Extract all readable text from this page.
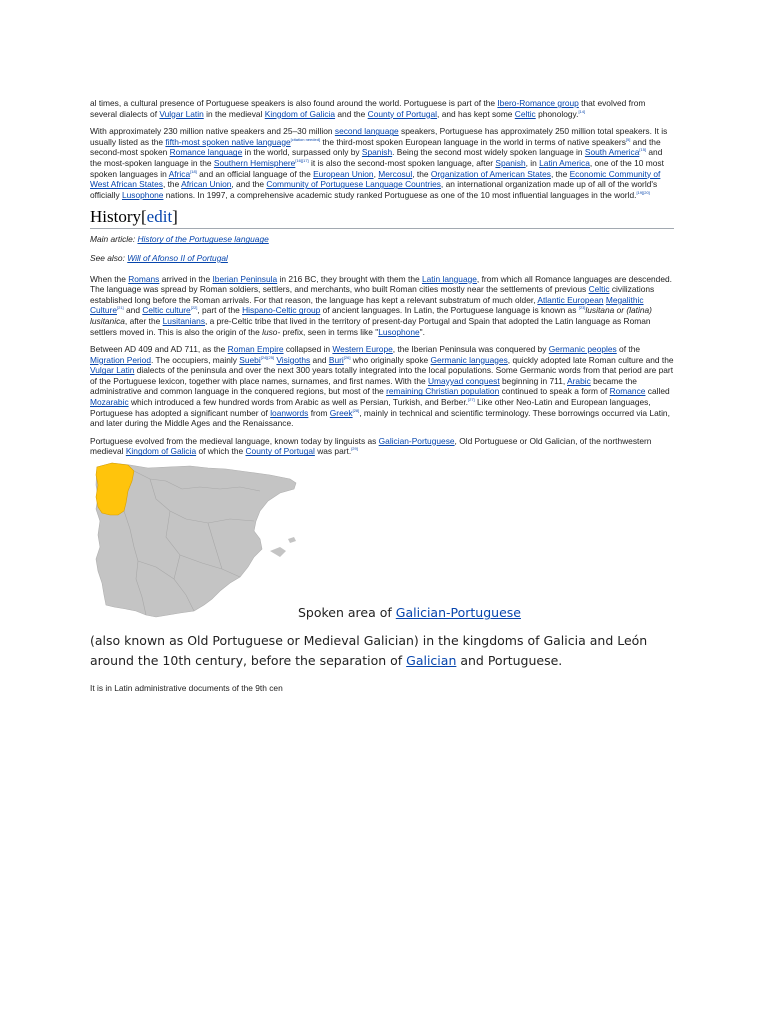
al times, a cultural presence of Portuguese speakers is also found around the world. Portuguese is part of the Ibero-Romance group that evolved from several dialects of Vulgar Latin in the medieval Kingdom of Galicia and the County of Portugal, and has kept some Celtic phonology.[14]

With approximately 230 million native speakers and 25–30 million second language speakers, Portuguese has approximately 250 million total speakers. It is usually listed as the fifth-most spoken native language[citation needed] the third-most spoken European language in the world in terms of native speakers[5] and the second-most spoken Romance language in the world, surpassed only by Spanish. Being the second most widely spoken language in South America[15] and the most-spoken language in the Southern Hemisphere[16][17] it is also the second-most spoken language, after Spanish, in Latin America, one of the 10 most spoken languages in Africa[18] and an official language of the European Union, Mercosul, the Organization of American States, the Economic Community of West African States, the African Union, and the Community of Portuguese Language Countries, an international organization made up of all of the world's officially Lusophone nations. In 1997, a comprehensive academic study ranked Portuguese as one of the 10 most influential languages in the world.[19][20]

History[edit]
Main article: History of the Portuguese language
See also: Will of Afonso II of Portugal

When the Romans arrived in the Iberian Peninsula in 216 BC, they brought with them the Latin language, from which all Romance languages are descended. The language was spread by Roman soldiers, settlers, and merchants, who built Roman cities mostly near the settlements of previous Celtic civilizations established long before the Roman arrivals. For that reason, the language has kept a relevant substratum of much older, Atlantic European Megalithic Culture[21] and Celtic culture[22], part of the Hispano-Celtic group of ancient languages. In Latin, the Portuguese language is known as [23]lusitana or (latina) lusitanica, after the Lusitanians, a pre-Celtic tribe that lived in the territory of present-day Portugal and Spain that adopted the Latin language as Roman settlers moved in. This is also the origin of the luso- prefix, seen in terms like "Lusophone".

Between AD 409 and AD 711, as the Roman Empire collapsed in Western Europe, the Iberian Peninsula was conquered by Germanic peoples of the Migration Period. The occupiers, mainly Suebi[24][25] Visigoths and Buri[26] who originally spoke Germanic languages, quickly adopted late Roman culture and the Vulgar Latin dialects of the peninsula and over the next 300 years totally integrated into the local populations. Some Germanic words from that period are part of the Portuguese lexicon, together with place names, surnames, and first names. With the Umayyad conquest beginning in 711, Arabic became the administrative and common language in the conquered regions, but most of the remaining Christian population continued to speak a form of Romance called Mozarabic which introduced a few hundred words from Arabic as well as Persian, Turkish, and Berber.[27] Like other Neo-Latin and European languages, Portuguese has adopted a significant number of loanwords from Greek[28], mainly in technical and scientific terminology. These borrowings occurred via Latin, and later during the Middle Ages and the Renaissance.

Portuguese evolved from the medieval language, known today by linguists as Galician-Portuguese, Old Portuguese or Old Galician, of the northwestern medieval Kingdom of Galicia of which the County of Portugal was part.[29]

Spoken area of Galician-Portuguese
(also known as Old Portuguese or Medieval Galician) in the kingdoms of Galicia and León around the 10th century, before the separation of Galician and Portuguese.
It is in Latin administrative documents of the 9th cen
